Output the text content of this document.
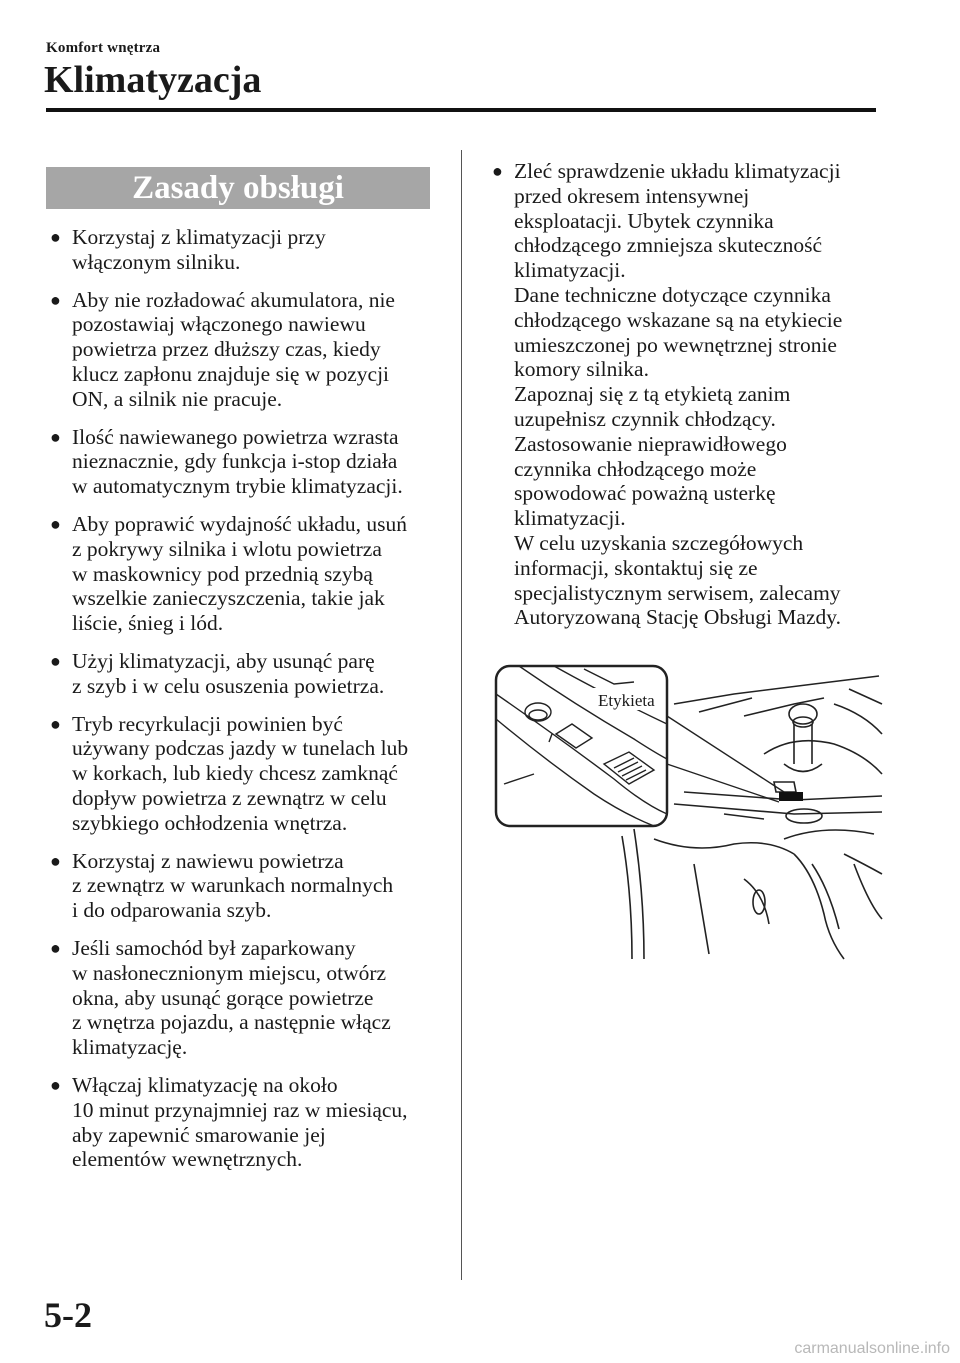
Komfort wnętrza
Klimatyzacja
Zasady obsługi
● Korzystaj z klimatyzacji przy
włączonym silniku.
● Aby nie rozładować akumulatora, nie
pozostawiaj włączonego nawiewu
powietrza przez dłuższy czas, kiedy
klucz zapłonu znajduje się w pozycji
ON, a silnik nie pracuje.
● Ilość nawiewanego powietrza wzrasta
nieznacznie, gdy funkcja i-stop działa
w automatycznym trybie klimatyzacji.
● Aby poprawić wydajność układu, usuń
z pokrywy silnika i wlotu powietrza
w maskownicy pod przednią szybą
wszelkie zanieczyszczenia, takie jak
liście, śnieg i lód.
● Użyj klimatyzacji, aby usunąć parę
z szyb i w celu osuszenia powietrza.
● Tryb recyrkulacji powinien być
używany podczas jazdy w tunelach lub
w korkach, lub kiedy chcesz zamknąć
dopływ powietrza z zewnątrz w celu
szybkiego ochłodzenia wnętrza.
● Korzystaj z nawiewu powietrza
z zewnątrz w warunkach normalnych
i do odparowania szyb.
● Jeśli samochód był zaparkowany
w nasłonecznionym miejscu, otwórz
okna, aby usunąć gorące powietrze
z wnętrza pojazdu, a następnie włącz
klimatyzację.
● Włączaj klimatyzację na około
10 minut przynajmniej raz w miesiącu,
aby zapewnić smarowanie jej
elementów wewnętrznych.
● Zleć sprawdzenie układu klimatyzacji
przed okresem intensywnej
eksploatacji. Ubytek czynnika
chłodzącego zmniejsza skuteczność
klimatyzacji.
Dane techniczne dotyczące czynnika
chłodzącego wskazane są na etykiecie
umieszczonej po wewnętrznej stronie
komory silnika.
Zapoznaj się z tą etykietą zanim
uzupełnisz czynnik chłodzący.
Zastosowanie nieprawidłowego
czynnika chłodzącego może
spowodować poważną usterkę
klimatyzacji.
W celu uzyskania szczegółowych
informacji, skontaktuj się ze
specjalistycznym serwisem, zalecamy
Autoryzowaną Stację Obsługi Mazdy.
Etykieta
5-2
carmanualsonline.info
